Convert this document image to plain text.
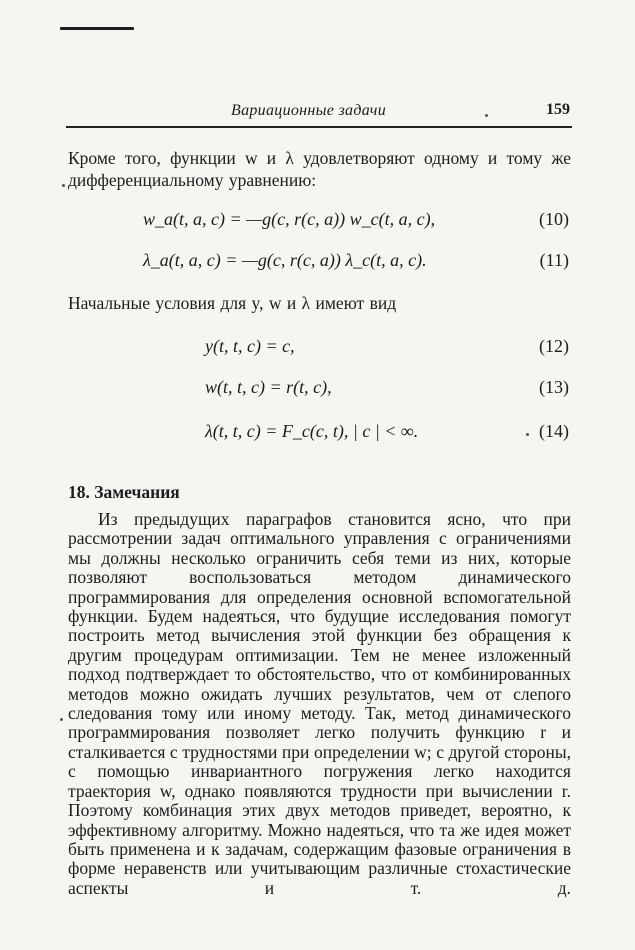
Вариационные задачи	159

Кроме того, функции w и λ удовлетворяют одному и тому же дифференциальному уравнению:

w_a(t, a, c) = —g(c, r(c, a)) w_c(t, a, c),	(10)
λ_a(t, a, c) = —g(c, r(c, a)) λ_c(t, a, c).	(11)

Начальные условия для y, w и λ имеют вид

y(t, t, c) = c,	(12)
w(t, t, c) = r(t, c),	(13)
λ(t, t, c) = F_c(c, t), | c | < ∞.	(14)
18. Замечания

Из предыдущих параграфов становится ясно, что при рассмотрении задач оптимального управления с ограничениями мы должны несколько ограничить себя теми из них, которые позволяют воспользоваться методом динамического программирования для определения основной вспомогательной функции. Будем надеяться, что будущие исследования помогут построить метод вычисления этой функции без обращения к другим процедурам оптимизации. Тем не менее изложенный подход подтверждает то обстоятельство, что от комбинированных методов можно ожидать лучших результатов, чем от слепого следования тому или иному методу. Так, метод динамического программирования позволяет легко получить функцию r и сталкивается с трудностями при определении w; с другой стороны, с помощью инвариантного погружения легко находится траектория w, однако появляются трудности при вычислении r. Поэтому комбинация этих двух методов приведет, вероятно, к эффективному алгоритму. Можно надеяться, что та же идея может быть применена и к задачам, содержащим фазовые ограничения в форме неравенств или учитывающим различные стохастические аспекты и т. д.
